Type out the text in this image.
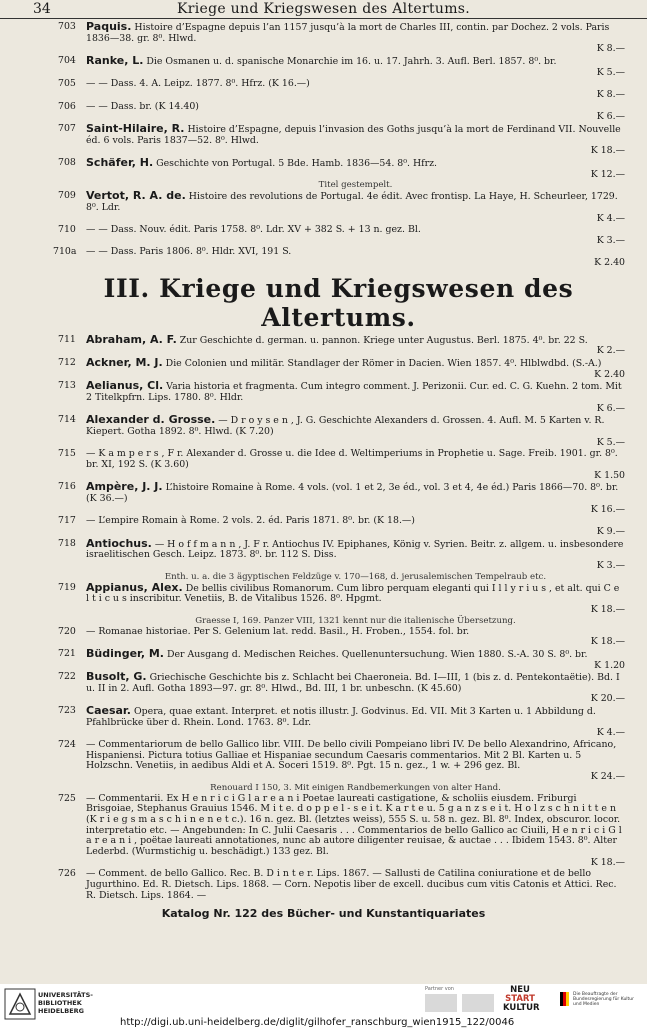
34	Kriege und Kriegswesen des Altertums.
703 Paquis. Histoire d’Espagne depuis l’an 1157 jusqu’à la mort de Charles III, contin. par Dochez. 2 vols. Paris 1836—38. gr. 8⁰. Hlwd.
K 8.—
704 Ranke, L. Die Osmanen u. d. spanische Monarchie im 16. u. 17. Jahrh. 3. Aufl. Berl. 1857. 8⁰. br.
K 5.—
705 — — Dass. 4. A. Leipz. 1877. 8⁰. Hfrz. (K 16.—)
K 8.—
706 — — Dass. br. (K 14.40)
K 6.—
707 Saint-Hilaire, R. Histoire d’Espagne, depuis l’invasion des Goths jusqu’à la mort de Ferdinand VII. Nouvelle éd. 6 vols. Paris 1837—52. 8⁰. Hlwd.
K 18.—
708 Schäfer, H. Geschichte von Portugal. 5 Bde. Hamb. 1836—54. 8⁰. Hfrz.
K 12.—
Titel gestempelt.
709 Vertot, R. A. de. Histoire des revolutions de Portugal. 4e édit. Avec frontisp. La Haye, H. Scheurleer, 1729. 8⁰. Ldr.
K 4.—
710 — — Dass. Nouv. édit. Paris 1758. 8⁰. Ldr. XV + 382 S. + 13 n. gez. Bl.
K 3.—
710a — — Dass. Paris 1806. 8⁰. Hldr. XVI, 191 S.
K 2.40
III. Kriege und Kriegswesen des Altertums.
711 Abraham, A. F. Zur Geschichte d. german. u. pannon. Kriege unter Augustus. Berl. 1875. 4⁰. br. 22 S.
K 2.—
712 Ackner, M. J. Die Colonien und militär. Standlager der Römer in Dacien. Wien 1857. 4⁰. Hlblwdbd. (S.-A.)
K 2.40
713 Aelianus, Cl. Varia historia et fragmenta. Cum integro comment. J. Perizonii. Cur. ed. C. G. Kuehn. 2 tom. Mit 2 Titelkpfrn. Lips. 1780. 8⁰. Hldr.
K 6.—
714 Alexander d. Grosse. — D r o y s e n , J. G. Geschichte Alexanders d. Grossen. 4. Aufl. M. 5 Karten v. R. Kiepert. Gotha 1892. 8⁰. Hlwd. (K 7.20)
K 5.—
715 — K a m p e r s , F r. Alexander d. Grosse u. die Idee d. Weltimperiums in Prophetie u. Sage. Freib. 1901. gr. 8⁰. br. XI, 192 S. (K 3.60)
K 1.50
716 Ampère, J. J. L’histoire Romaine à Rome. 4 vols. (vol. 1 et 2, 3e éd., vol. 3 et 4, 4e éd.) Paris 1866—70. 8⁰. br. (K 36.—)
K 16.—
717 — L’empire Romain à Rome. 2 vols. 2. éd. Paris 1871. 8⁰. br. (K 18.—)
K 9.—
718 Antiochus. — H o f f m a n n , J. F r. Antiochus IV. Epiphanes, König v. Syrien. Beitr. z. allgem. u. insbesondere israelitischen Gesch. Leipz. 1873. 8⁰. br. 112 S. Diss.
K 3.—
Enth. u. a. die 3 ägyptischen Feldzüge v. 170—168, d. jerusalemischen Tempelraub etc.
719 Appianus, Alex. De bellis civilibus Romanorum. Cum libro perquam eleganti qui I l l y r i u s , et alt. qui C e l t i c u s inscribitur. Venetiis, B. de Vitalibus 1526. 8⁰. Hpgmt.
K 18.—
Graesse I, 169. Panzer VIII, 1321 kennt nur die italienische Übersetzung.
720 — Romanae historiae. Per S. Gelenium lat. redd. Basil., H. Froben., 1554. fol. br.
K 18.—
721 Büdinger, M. Der Ausgang d. Medischen Reiches. Quellenuntersuchung. Wien 1880. S.-A. 30 S. 8⁰. br.
K 1.20
722 Busolt, G. Griechische Geschichte bis z. Schlacht bei Chaeroneia. Bd. I—III, 1 (bis z. d. Pentekontaëtie). Bd. I u. II in 2. Aufl. Gotha 1893—97. gr. 8⁰. Hlwd., Bd. III, 1 br. unbeschn. (K 45.60)
K 20.—
723 Caesar. Opera, quae extant. Interpret. et notis illustr. J. Godvinus. Ed. VII. Mit 3 Karten u. 1 Abbildung d. Pfahlbrücke über d. Rhein. Lond. 1763. 8⁰. Ldr.
K 4.—
724 — Commentariorum de bello Gallico libr. VIII. De bello civili Pompeiano libri IV. De bello Alexandrino, Africano, Hispaniensi. Pictura totius Galliae et Hispaniae secundum Caesaris commentarios. Mit 2 Bl. Karten u. 5 Holzschn. Venetiis, in aedibus Aldi et A. Soceri 1519. 8⁰. Pgt. 15 n. gez., 1 w. + 296 gez. Bl.
K 24.—
Renouard I 150, 3. Mit einigen Randbemerkungen von alter Hand.
725 — Commentarii. Ex H e n r i c i G l a r e a n i Poetae laureati castigatione, & scholiis eiusdem. Friburgi Brisgoiae, Stephanus Grauius 1546. M i t e. d o p p e l - s e i t. K a r t e u. 5 g a n z s e i t. H o l z s c h n i t t e n (K r i e g s m a s c h i n e n e t c.). 16 n. gez. Bl. (letztes weiss), 555 S. u. 58 n. gez. Bl. 8⁰. Index, obscuror. locor. interpretatio etc. — Angebunden: In C. Julii Caesaris . . . Commentarios de bello Gallico ac Ciuili, H e n r i c i G l a r e a n i , poëtae laureati annotationes, nunc ab autore diligenter reuisae, & auctae . . . Ibidem 1543. 8⁰. Alter Lederbd. (Wurmstichig u. beschädigt.) 133 gez. Bl.
K 18.—
726 — Comment. de bello Gallico. Rec. B. D i n t e r. Lips. 1867. — Sallusti de Catilina coniuratione et de bello Jugurthino. Ed. R. Dietsch. Lips. 1868. — Corn. Nepotis liber de excell. ducibus cum vitis Catonis et Attici. Rec. R. Dietsch. Lips. 1864. —
Katalog Nr. 122 des Bücher- und Kunstantiquariates
UNIVERSITÄTS-
BIBLIOTHEK
HEIDELBERG
Partner von	NEU
START
KULTUR
Die Beauftragte der Bundesregierung für Kultur und Medien
http://digi.ub.uni-heidelberg.de/diglit/gilhofer_ranschburg_wien1915_122/0046
